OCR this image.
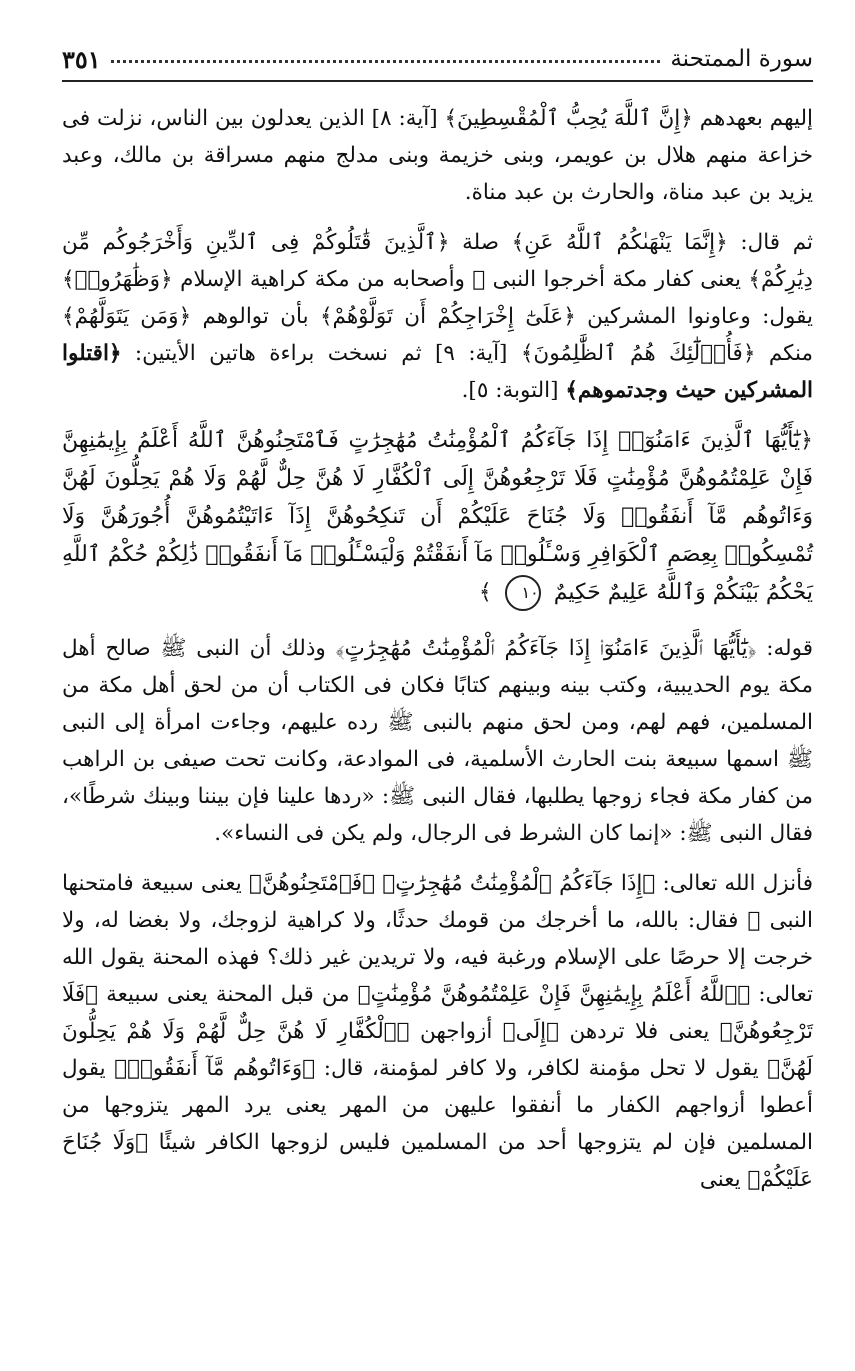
سورة الممتحنة
٣٥١

إليهم بعهدهم ﴿إِنَّ ٱللَّهَ يُحِبُّ ٱلْمُقْسِطِينَ﴾ [آية: ٨] الذين يعدلون بين الناس، نزلت فى خزاعة منهم هلال بن عويمر، وبنى خزيمة وبنى مدلج منهم مسراقة بن مالك، وعبد يزيد بن عبد مناة، والحارث بن عبد مناة.

ثم قال: ﴿إِنَّمَا يَنْهَىٰكُمُ ٱللَّهُ عَنِ﴾ صلة ﴿ٱلَّذِينَ قَٰتَلُوكُمْ فِى ٱلدِّينِ وَأَخْرَجُوكُم مِّن دِيَٰرِكُمْ﴾ يعنى كفار مكة أخرجوا النبى ﷺ وأصحابه من مكة كراهية الإسلام ﴿وَظَٰهَرُوا۟﴾ يقول: وعاونوا المشركين ﴿عَلَىٰٓ إِخْرَاجِكُمْ أَن تَوَلَّوْهُمْ﴾ بأن توالوهم ﴿وَمَن يَتَوَلَّهُمْ﴾ منكم ﴿فَأُو۟لَٰٓئِكَ هُمُ ٱلظَّٰلِمُونَ﴾ [آية: ٩] ثم نسخت براءة هاتين الأيتين: ﴿اقتلوا المشركين حيث وجدتموهم﴾ [التوبة: ٥].

﴿يَٰٓأَيُّهَا ٱلَّذِينَ ءَامَنُوٓا۟ إِذَا جَآءَكُمُ ٱلْمُؤْمِنَٰتُ مُهَٰجِرَٰتٍ فَٱمْتَحِنُوهُنَّ ٱللَّهُ أَعْلَمُ بِإِيمَٰنِهِنَّ فَإِنْ عَلِمْتُمُوهُنَّ مُؤْمِنَٰتٍ فَلَا تَرْجِعُوهُنَّ إِلَى ٱلْكُفَّارِ لَا هُنَّ حِلٌّ لَّهُمْ وَلَا هُمْ يَحِلُّونَ لَهُنَّ وَءَاتُوهُم مَّآ أَنفَقُوا۟ وَلَا جُنَاحَ عَلَيْكُمْ أَن تَنكِحُوهُنَّ إِذَآ ءَاتَيْتُمُوهُنَّ أُجُورَهُنَّ وَلَا تُمْسِكُوا۟ بِعِصَمِ ٱلْكَوَافِرِ وَسْـَٔلُوا۟ مَآ أَنفَقْتُمْ وَلْيَسْـَٔلُوا۟ مَآ أَنفَقُوا۟ ذَٰلِكُمْ حُكْمُ ٱللَّهِ يَحْكُمُ بَيْنَكُمْ وَٱللَّهُ عَلِيمٌ حَكِيمٌ ١٠ ﴾

قوله: ﴿يَٰٓأَيُّهَا ٱلَّذِينَ ءَامَنُوٓا۟ إِذَا جَآءَكُمُ ٱلْمُؤْمِنَٰتُ مُهَٰجِرَٰتٍ﴾ وذلك أن النبى ﷺ صالح أهل مكة يوم الحديبية، وكتب بينه وبينهم كتابًا فكان فى الكتاب أن من لحق أهل مكة من المسلمين، فهم لهم، ومن لحق منهم بالنبى ﷺ رده عليهم، وجاءت امرأة إلى النبى ﷺ اسمها سبيعة بنت الحارث الأسلمية، فى الموادعة، وكانت تحت صيفى بن الراهب من كفار مكة فجاء زوجها يطلبها، فقال النبى ﷺ: «ردها علينا فإن بيننا وبينك شرطًا»، فقال النبى ﷺ: «إنما كان الشرط فى الرجال، ولم يكن فى النساء».

فأنزل الله تعالى: ﴿إِذَا جَآءَكُمُ ٱلْمُؤْمِنَٰتُ مُهَٰجِرَٰتٍ﴾ ﴿فَٱمْتَحِنُوهُنَّ﴾ يعنى سبيعة فامتحنها النبى ﷺ فقال: بالله، ما أخرجك من قومك حدثًا، ولا كراهية لزوجك، ولا بغضا له، ولا خرجت إلا حرصًا على الإسلام ورغبة فيه، ولا تريدين غير ذلك؟ فهذه المحنة يقول الله تعالى: ﴿ٱللَّهُ أَعْلَمُ بِإِيمَٰنِهِنَّ فَإِنْ عَلِمْتُمُوهُنَّ مُؤْمِنَٰتٍ﴾ من قبل المحنة يعنى سبيعة ﴿فَلَا تَرْجِعُوهُنَّ﴾ يعنى فلا تردهن ﴿إِلَى﴾ أزواجهن ﴿ٱلْكُفَّارِ لَا هُنَّ حِلٌّ لَّهُمْ وَلَا هُمْ يَحِلُّونَ لَهُنَّ﴾ يقول لا تحل مؤمنة لكافر، ولا كافر لمؤمنة، قال: ﴿وَءَاتُوهُم مَّآ أَنفَقُوا۟﴾ يقول أعطوا أزواجهم الكفار ما أنفقوا عليهن من المهر يعنى يرد المهر يتزوجها من المسلمين فإن لم يتزوجها أحد من المسلمين فليس لزوجها الكافر شيئًا ﴿وَلَا جُنَاحَ عَلَيْكُمْ﴾ يعنى
